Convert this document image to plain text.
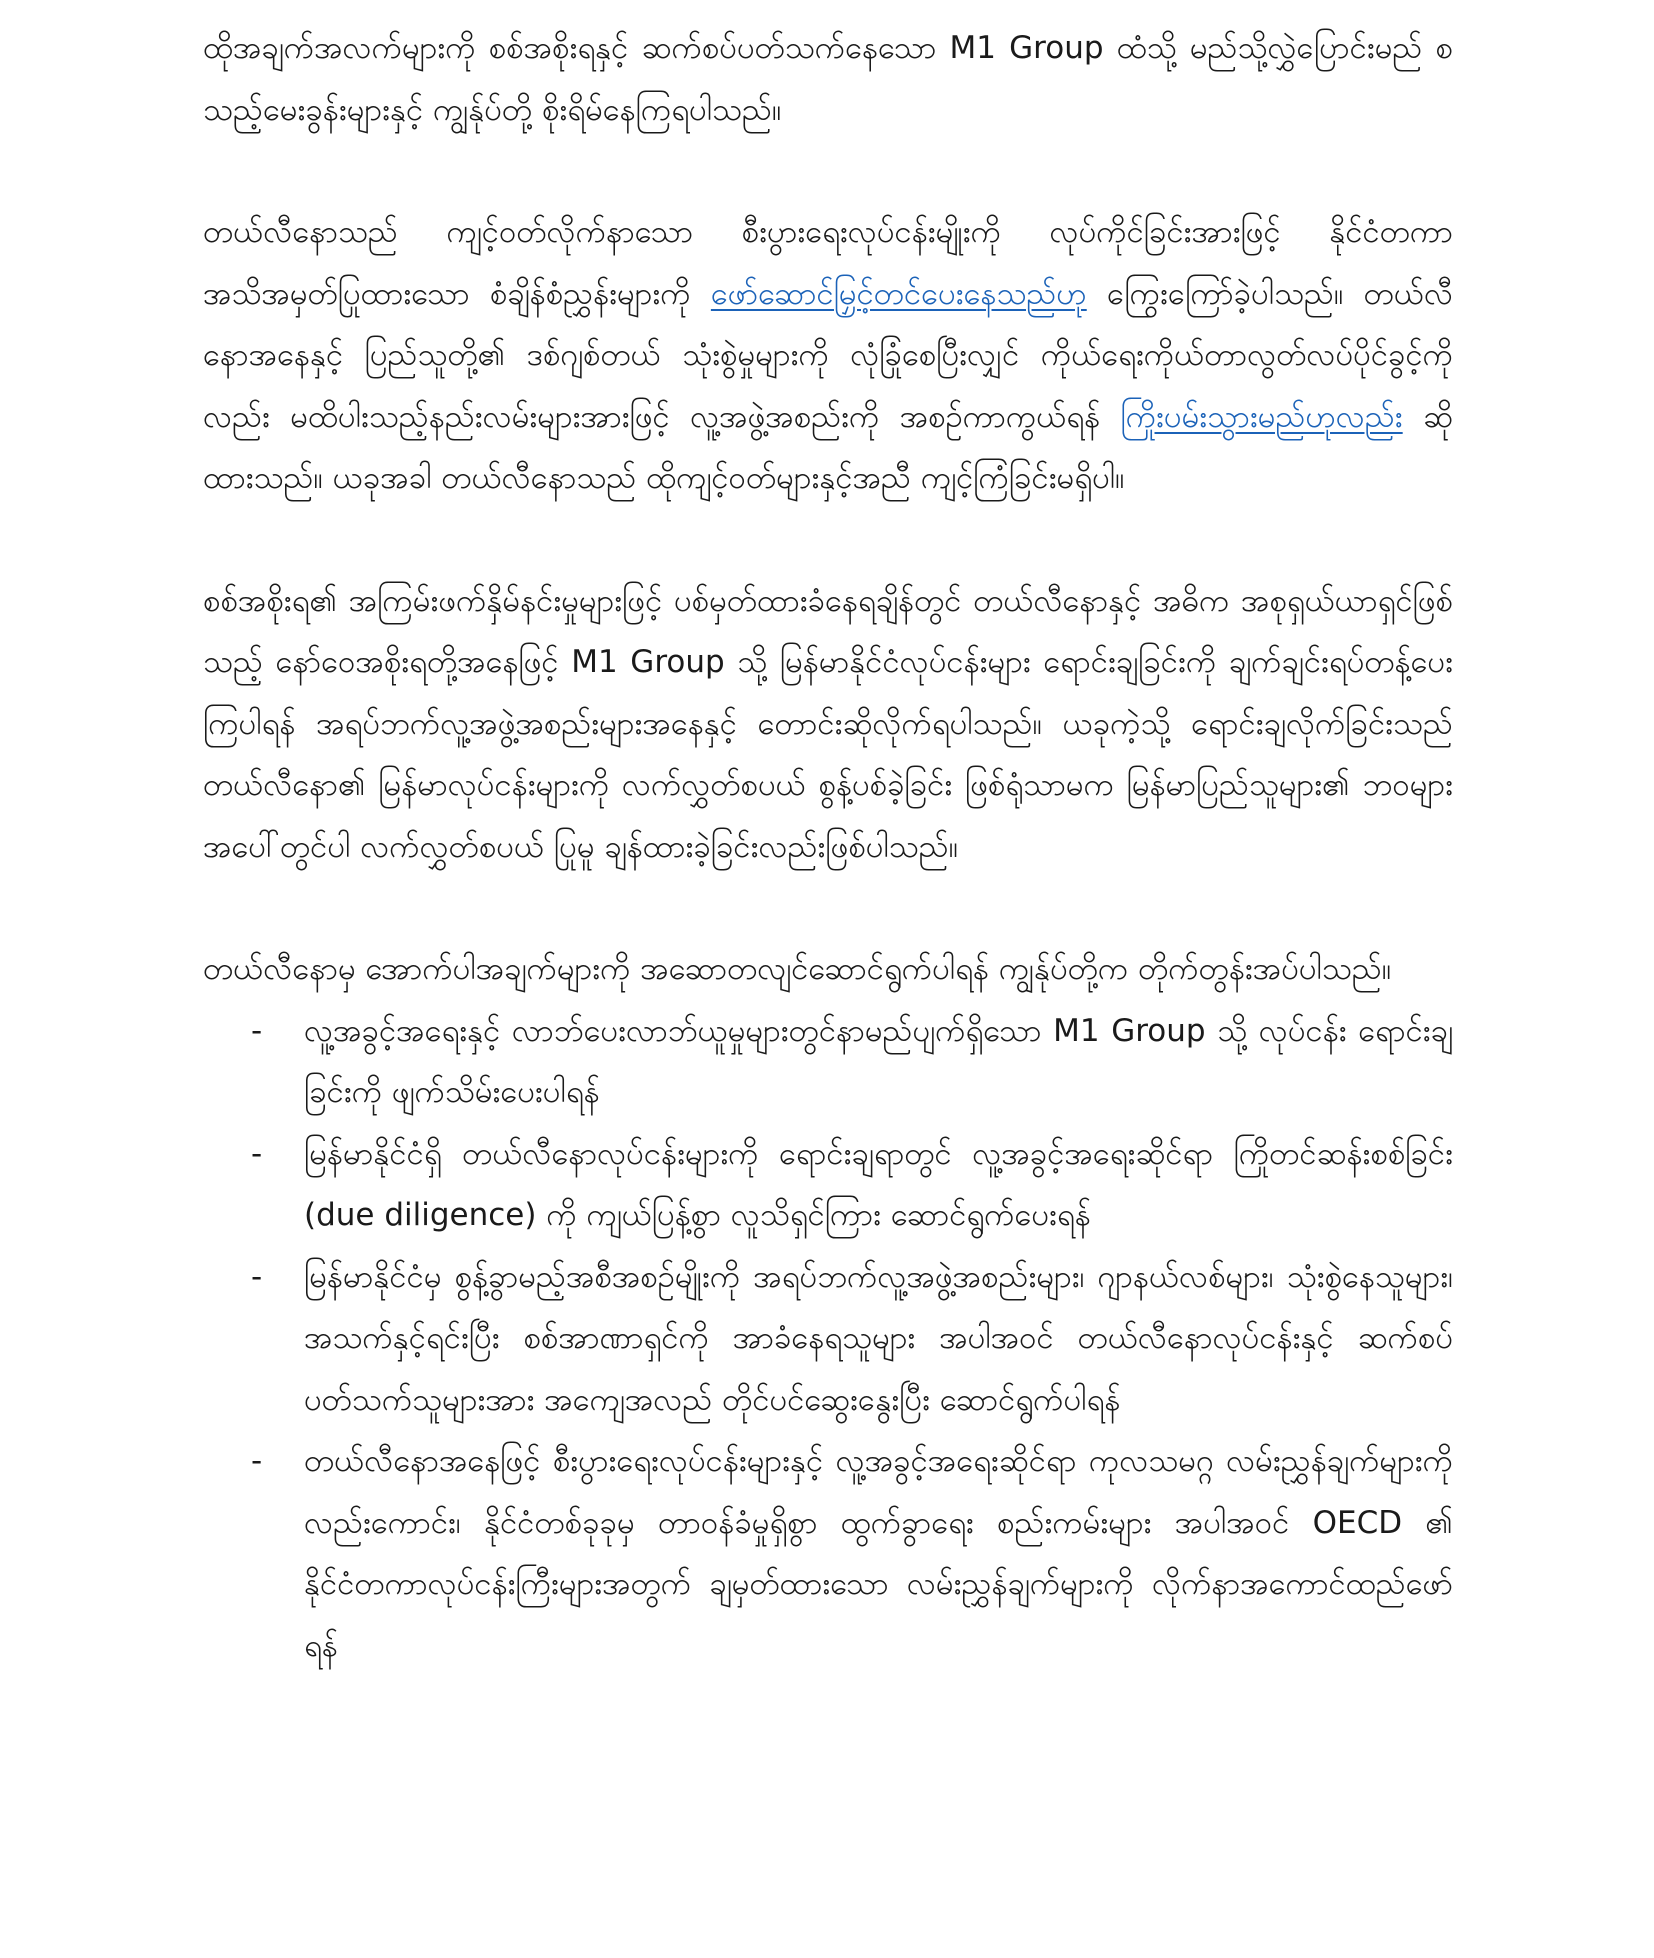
ထိုအချက်အလက်များကို စစ်အစိုးရနှင့် ဆက်စပ်ပတ်သက်နေသော M1 Group ထံသို့ မည်သို့လွှဲပြောင်းမည် စသည့်မေးခွန်းများနှင့် ကျွန်ုပ်တို့ စိုးရိမ်နေကြရပါသည်။

တယ်လီနောသည် ကျင့်ဝတ်လိုက်နာသော စီးပွားရေးလုပ်ငန်းမျိုးကို လုပ်ကိုင်ခြင်းအားဖြင့် နိုင်ငံတကာ အသိအမှတ်ပြုထားသော စံချိန်စံညွှန်းများကို ဖော်ဆောင်မြှင့်တင်ပေးနေသည်ဟု ကြွေးကြော်ခဲ့ပါသည်။ တယ်လီနောအနေနှင့် ပြည်သူတို့၏ ဒစ်ဂျစ်တယ် သုံးစွဲမှုများကို လုံခြုံစေပြီးလျှင် ကိုယ်ရေးကိုယ်တာလွတ်လပ်ပိုင်ခွင့်ကိုလည်း မထိပါးသည့်နည်းလမ်းများအားဖြင့် လူ့အဖွဲ့အစည်းကို အစဉ်ကာကွယ်ရန် ကြိုးပမ်းသွားမည်ဟုလည်း ဆိုထားသည်။ ယခုအခါ တယ်လီနောသည် ထိုကျင့်ဝတ်များနှင့်အညီ ကျင့်ကြံခြင်းမရှိပါ။

စစ်အစိုးရ၏ အကြမ်းဖက်နှိမ်နင်းမှုများဖြင့် ပစ်မှတ်ထားခံနေရချိန်တွင် တယ်လီနောနှင့် အဓိက အစုရှယ်ယာရှင်ဖြစ်သည့် နော်ဝေအစိုးရတို့အနေဖြင့် M1 Group သို့ မြန်မာနိုင်ငံလုပ်ငန်းများ ရောင်းချခြင်းကို ချက်ချင်းရပ်တန့်ပေးကြပါရန် အရပ်ဘက်လူ့အဖွဲ့အစည်းများအနေနှင့် တောင်းဆိုလိုက်ရပါသည်။ ယခုကဲ့သို့ ရောင်းချလိုက်ခြင်းသည် တယ်လီနော၏ မြန်မာလုပ်ငန်းများကို လက်လွှတ်စပယ် စွန့်ပစ်ခဲ့ခြင်း ဖြစ်ရုံသာမက မြန်မာပြည်သူများ၏ ဘဝများအပေါ်တွင်ပါ လက်လွှတ်စပယ် ပြုမူ ချန်ထားခဲ့ခြင်းလည်းဖြစ်ပါသည်။

တယ်လီနောမှ အောက်ပါအချက်များကို အဆောတလျင်ဆောင်ရွက်ပါရန် ကျွန်ုပ်တို့က တိုက်တွန်းအပ်ပါသည်။

- လူ့အခွင့်အရေးနှင့် လာဘ်ပေးလာဘ်ယူမှုများတွင်နာမည်ပျက်ရှိသော M1 Group သို့ လုပ်ငန်း ရောင်းချခြင်းကို ဖျက်သိမ်းပေးပါရန်
- မြန်မာနိုင်ငံရှိ တယ်လီနောလုပ်ငန်းများကို ရောင်းချရာတွင် လူ့အခွင့်အရေးဆိုင်ရာ ကြိုတင်ဆန်းစစ်ခြင်း (due diligence) ကို ကျယ်ပြန့်စွာ လူသိရှင်ကြား ဆောင်ရွက်ပေးရန်
- မြန်မာနိုင်ငံမှ စွန့်ခွာမည့်အစီအစဉ်မျိုးကို အရပ်ဘက်လူ့အဖွဲ့အစည်းများ၊ ဂျာနယ်လစ်များ၊ သုံးစွဲနေသူများ၊ အသက်နှင့်ရင်းပြီး စစ်အာဏာရှင်ကို အာခံနေရသူများ အပါအဝင် တယ်လီနောလုပ်ငန်းနှင့် ဆက်စပ်ပတ်သက်သူများအား အကျေအလည် တိုင်ပင်ဆွေးနွေးပြီး ဆောင်ရွက်ပါရန်
- တယ်လီနောအနေဖြင့် စီးပွားရေးလုပ်ငန်းများနှင့် လူ့အခွင့်အရေးဆိုင်ရာ ကုလသမဂ္ဂ လမ်းညွှန်ချက်များကို လည်းကောင်း၊ နိုင်ငံတစ်ခုခုမှ တာဝန်ခံမှုရှိစွာ ထွက်ခွာရေး စည်းကမ်းများ အပါအဝင် OECD ၏ နိုင်ငံတကာလုပ်ငန်းကြီးများအတွက် ချမှတ်ထားသော လမ်းညွှန်ချက်များကို လိုက်နာအကောင်ထည်ဖော်ရန်
